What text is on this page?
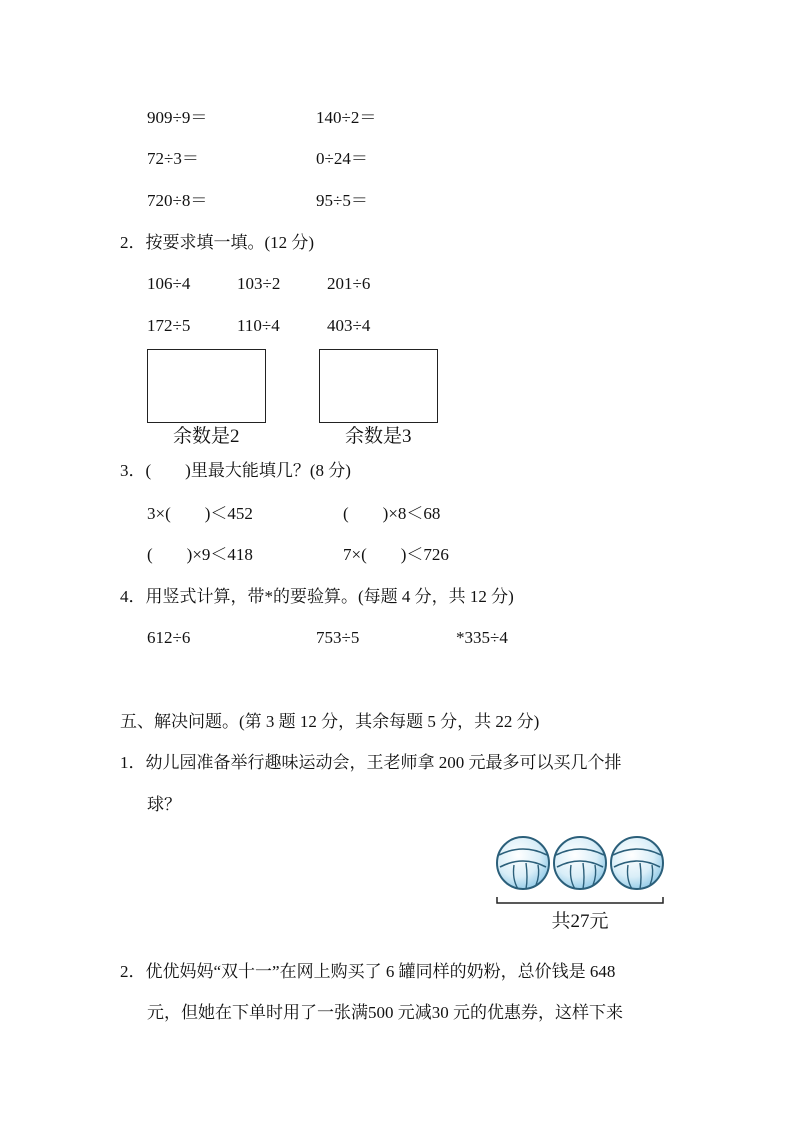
909÷9＝	140÷2＝
72÷3＝	0÷24＝
720÷8＝	95÷5＝
2．按要求填一填。(12 分)
106÷4	103÷2	201÷6
172÷5	110÷4	403÷4
余数是2	余数是3
3．(　　)里最大能填几？(8 分)
3×(　　)＜452	(　　)×8＜68
(　　)×9＜418	7×(　　)＜726
4．用竖式计算，带*的要验算。(每题 4 分，共 12 分)
612÷6	753÷5	*335÷4
五、解决问题。(第 3 题 12 分，其余每题 5 分，共 22 分)
1．幼儿园准备举行趣味运动会，王老师拿 200 元最多可以买几个排
球？
共27元
2．优优妈妈“双十一”在网上购买了 6 罐同样的奶粉，总价钱是 648
元，但她在下单时用了一张满500 元减30 元的优惠券，这样下来
